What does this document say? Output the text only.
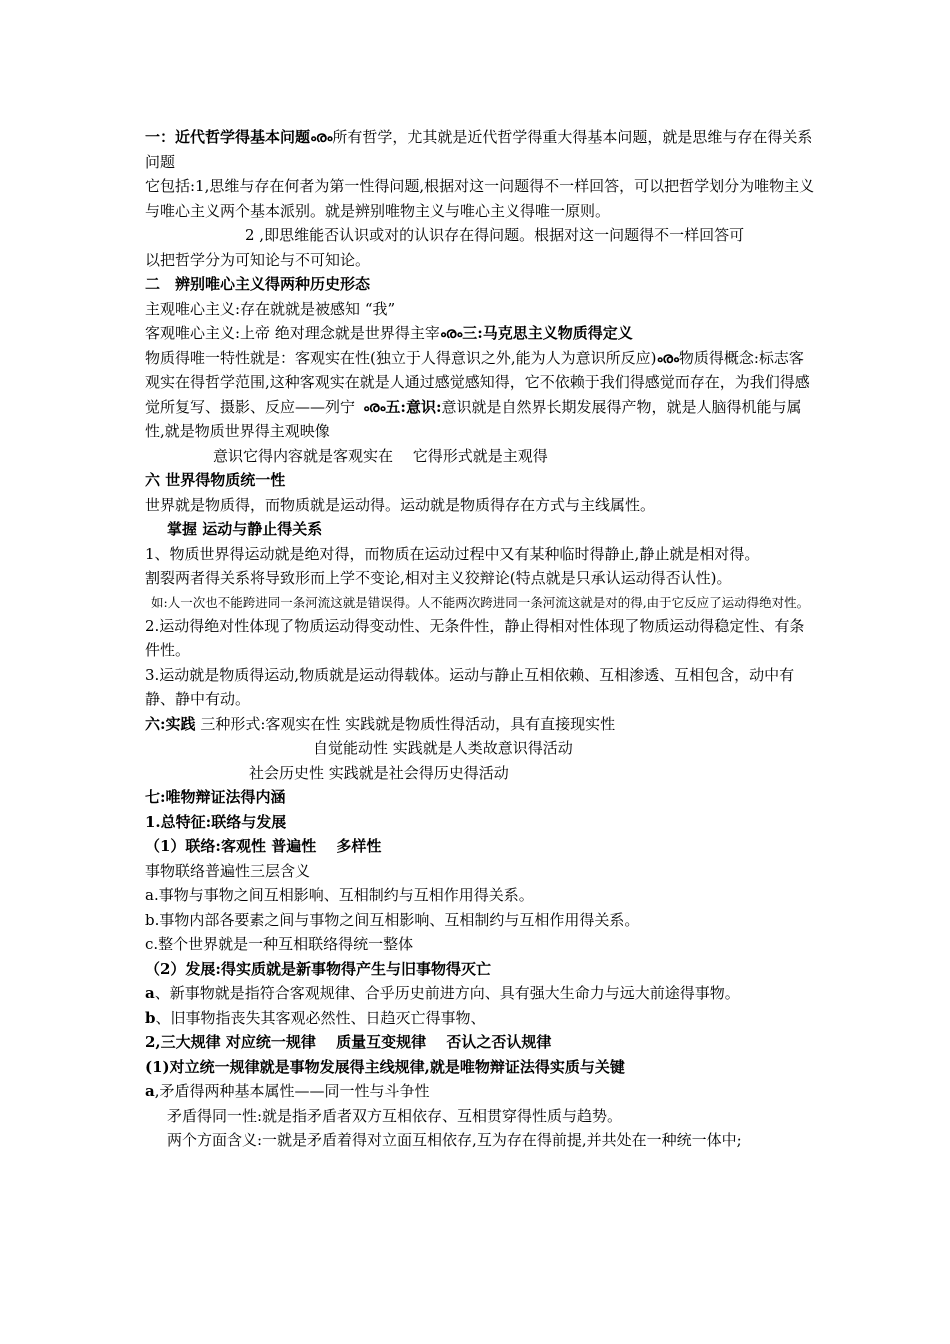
一：近代哲学得基本问题ൟ所有哲学，尤其就是近代哲学得重大得基本问题，就是思维与存在得关系问题

它包括:1,思维与存在何者为第一性得问题,根据对这一问题得不一样回答，可以把哲学划分为唯物主义与唯心主义两个基本派别。就是辨别唯物主义与唯心主义得唯一原则。

2 ,即思维能否认识或对的认识存在得问题。根据对这一问题得不一样回答可

以把哲学分为可知论与不可知论。

二　辨别唯心主义得两种历史形态

主观唯心主义:存在就就是被感知 “我”

客观唯心主义:上帝 绝对理念就是世界得主宰ൟ三:马克思主义物质得定义

物质得唯一特性就是：客观实在性(独立于人得意识之外,能为人为意识所反应)ൟ物质得概念:标志客观实在得哲学范围,这种客观实在就是人通过感觉感知得，它不依赖于我们得感觉而存在，为我们得感觉所复写、摄影、反应——列宁 ൟ五:意识:意识就是自然界长期发展得产物，就是人脑得机能与属性,就是物质世界得主观映像

意识它得内容就是客观实在　 它得形式就是主观得

六 世界得物质统一性

世界就是物质得，而物质就是运动得。运动就是物质得存在方式与主线属性。

掌握 运动与静止得关系

1、物质世界得运动就是绝对得，而物质在运动过程中又有某种临时得静止,静止就是相对得。

割裂两者得关系将导致形而上学不变论,相对主义狡辩论(特点就是只承认运动得否认性)。

如:人一次也不能跨进同一条河流这就是错误得。人不能两次跨进同一条河流这就是对的得,由于它反应了运动得绝对性。

2.运动得绝对性体现了物质运动得变动性、无条件性，静止得相对性体现了物质运动得稳定性、有条件性。

3.运动就是物质得运动,物质就是运动得载体。运动与静止互相依赖、互相渗透、互相包含，动中有静、静中有动。

六:实践 三种形式:客观实在性 实践就是物质性得活动，具有直接现实性

自觉能动性 实践就是人类故意识得活动

社会历史性 实践就是社会得历史得活动

七:唯物辩证法得内涵

1.总特征:联络与发展

（1）联络:客观性 普遍性　 多样性

事物联络普遍性三层含义

a.事物与事物之间互相影响、互相制约与互相作用得关系。

b.事物内部各要素之间与事物之间互相影响、互相制约与互相作用得关系。

c.整个世界就是一种互相联络得统一整体

（2）发展:得实质就是新事物得产生与旧事物得灭亡

a、新事物就是指符合客观规律、合乎历史前进方向、具有强大生命力与远大前途得事物。

b、旧事物指丧失其客观必然性、日趋灭亡得事物、

2,三大规律 对应统一规律　 质量互变规律　 否认之否认规律

(1)对立统一规律就是事物发展得主线规律,就是唯物辩证法得实质与关键

a,矛盾得两种基本属性——同一性与斗争性

矛盾得同一性:就是指矛盾者双方互相依存、互相贯穿得性质与趋势。

两个方面含义:一就是矛盾着得对立面互相依存,互为存在得前提,并共处在一种统一体中;
